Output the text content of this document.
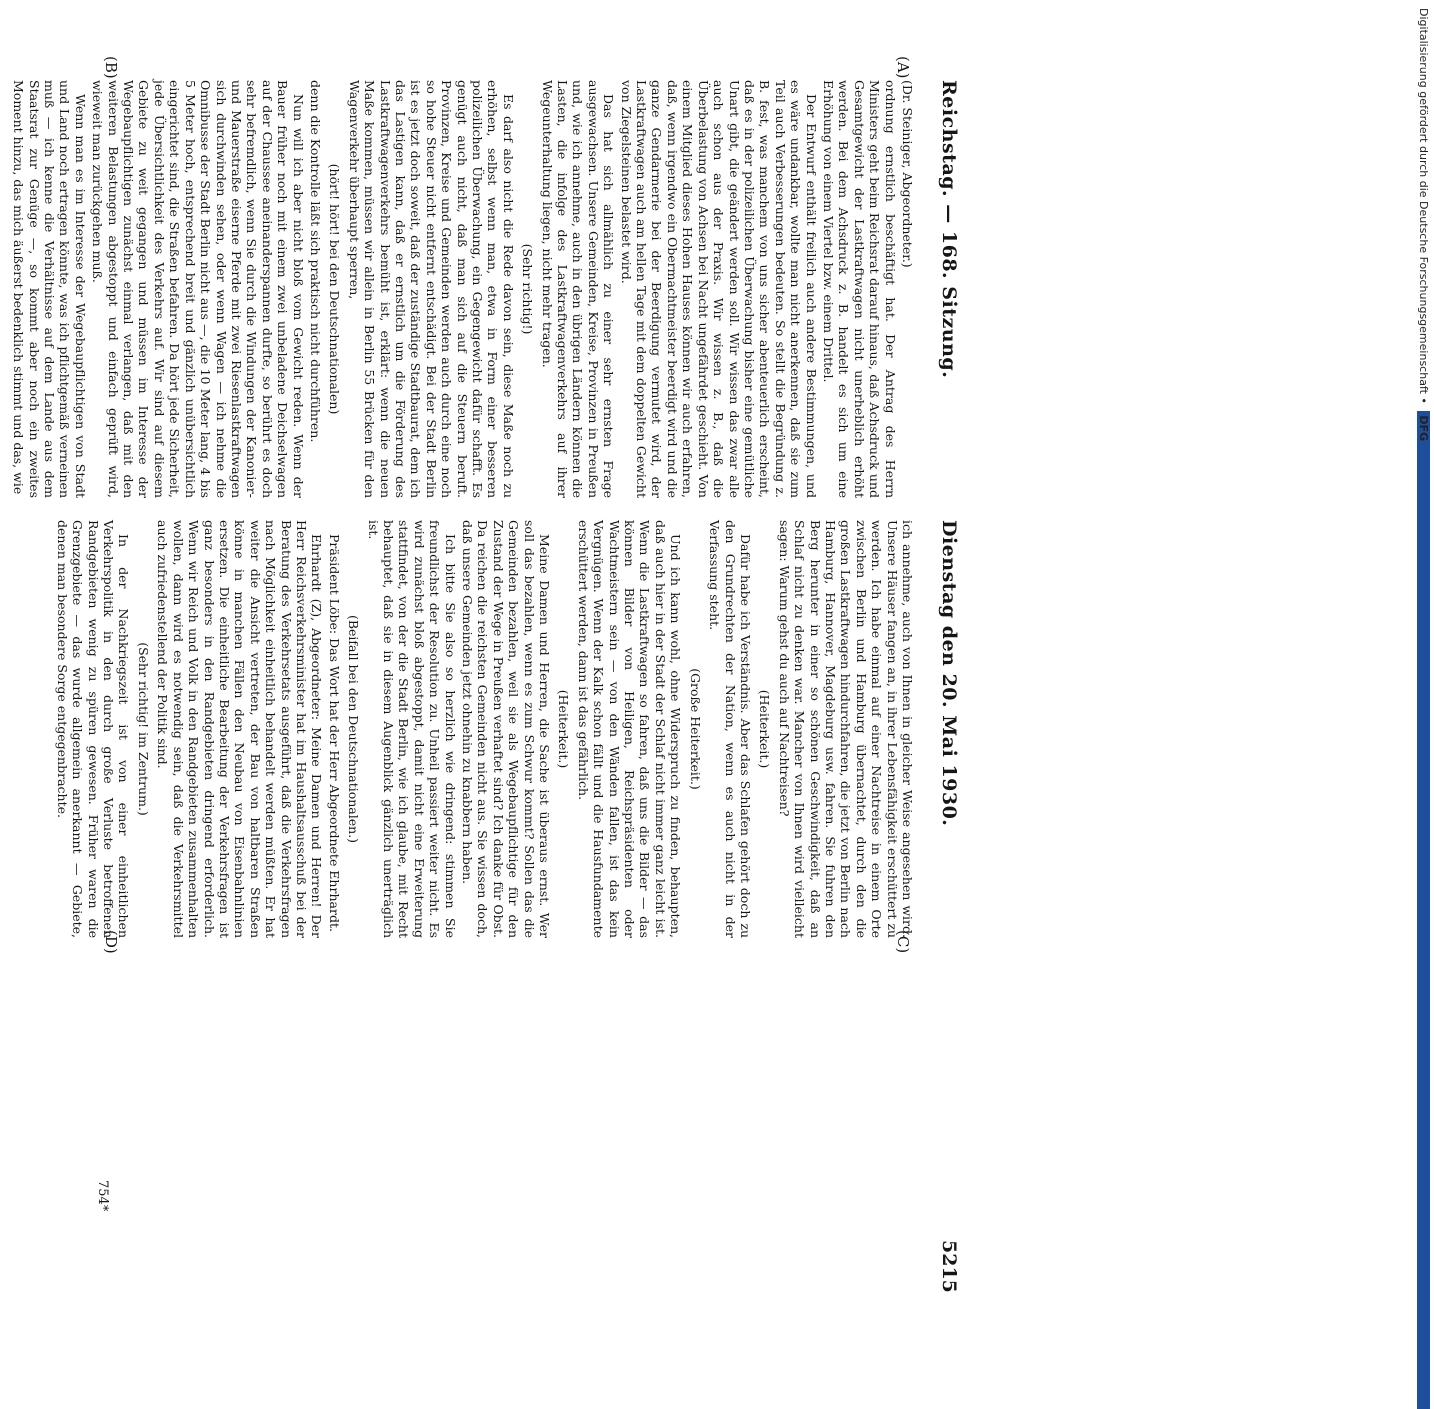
Reichstag. — 168. Sitzung.
Dienstag den 20. Mai 1930.
5215
(A)
(B)
(C)
(D)

(Dr. Steiniger, Abgeordneter.)

ordnung ernstlich beschäftigt hat. Der Antrag des Herrn Ministers geht beim Reichsrat darauf hinaus, daß Achsdruck und Gesamtgewicht der Lastkraftwagen nicht unerheblich erhöht werden. Bei dem Achsdruck z. B. handelt es sich um eine Erhöhung von einem Viertel bzw. einem Drittel.

Der Entwurf enthält freilich auch andere Bestimmungen, und es wäre undankbar, wollte man nicht anerkennen, daß sie zum Teil auch Verbesserungen bedeuten. So stellt die Begründung z. B. fest, was manchem von uns sicher abenteuerlich erscheint, daß es in der polizeilichen Überwachung bisher eine gemütliche Unart gibt, die geändert werden soll. Wir wissen das zwar alle auch schon aus der Praxis. Wir wissen z. B., daß die Überbelastung von Achsen bei Nacht ungefährdet geschieht. Von einem Mitglied dieses Hohen Hauses können wir auch erfahren, daß, wenn irgendwo ein Obermachtmeister beerdigt wird und die ganze Gendarmerie bei der Beerdigung vermutet wird, der Lastkraftwagen auch am hellen Tage mit dem doppelten Gewicht von Ziegelsteinen belastet wird.

Das hat sich allmählich zu einer sehr ernsten Frage ausgewachsen. Unsere Gemeinden, Kreise, Provinzen in Preußen und, wie ich annehme, auch in den übrigen Ländern können die Lasten, die infolge des Lastkraftwagenverkehrs auf ihrer Wegeunterhaltung liegen, nicht mehr tragen.

(Sehr richtig!)

Es darf also nicht die Rede davon sein, diese Maße noch zu erhöhen, selbst wenn man, etwa in Form einer besseren polizeilichen Überwachung, ein Gegengewicht dafür schafft. Es genügt auch nicht, daß man sich auf die Steuern beruft. Provinzen, Kreise und Gemeinden werden auch durch eine noch so hohe Steuer nicht entfernt entschädigt. Bei der Stadt Berlin ist es jetzt doch soweit, daß der zuständige Stadtbaurat, dem ich das Lastigen kann, daß er ernstlich um die Förderung des Lastkraftwagenverkehrs bemüht ist, erklärt: wenn die neuen Maße kommen, müssen wir allein in Berlin 55 Brücken für den Wagenverkehr überhaupt sperren,

(hört! hört! bei den Deutschnationalen)

denn die Kontrolle läßt sich praktisch nicht durchführen.

Nun will ich aber nicht bloß vom Gewicht reden. Wenn der Bauer früher noch mit einem zwei unbeladene Deichselwagen auf der Chaussee aneinanderspannen durfte, so berührt es doch sehr befremdlich, wenn Sie durch die Windungen der Kanonier- und Mauerstraße eiserne Pferde mit zwei Riesenlastkraftwagen sich durchwinden sehen, oder wenn Wagen — ich nehme die Omnibusse der Stadt Berlin nicht aus —, die 10 Meter lang, 4 bis 5 Meter hoch, entsprechend breit und gänzlich unübersichtlich eingerichtet sind, die Straßen befahren. Da hört jede Sicherheit, jede Übersichtlichkeit des Verkehrs auf. Wir sind auf diesem Gebiete zu weit gegangen und müssen im Interesse der Wegebaupflichtigen zunächst einmal verlangen, daß mit den weiteren Belastungen abgestoppt und einfach geprüft wird, wieweit man zurückgehen muß.

Wenn man es im Interesse der Wegebaupflichtigen von Stadt und Land noch ertragen könnte, was ich pflichtgemäß verneinen muß — ich kenne die Verhältnisse auf dem Lande aus dem Staatsrat zur Genüge —, so kommt aber noch ein zweites Moment hinzu, das mich äußerst bedenklich stimmt und das, wie

ich annehme, auch von Ihnen in gleicher Weise angesehen wird. Unsere Häuser fangen an, in ihrer Lebensfähigkeit erschüttert zu werden. Ich habe einmal auf einer Nachtreise in einem Orte zwischen Berlin und Hamburg übernachtet, durch den die großen Lastkraftwagen hindurchfahren, die jetzt von Berlin nach Hamburg, Hannover, Magdeburg usw. fahren. Sie fuhren den Berg herunter in einer so schönen Geschwindigkeit, daß an Schlaf nicht zu denken war. Mancher von Ihnen wird vielleicht sagen: Warum gehst du auch auf Nachtreisen?

(Heiterkeit.)

Dafür habe ich Verständnis. Aber das Schlafen gehört doch zu den Grundrechten der Nation, wenn es auch nicht in der Verfassung steht.

(Große Heiterkeit.)

Und ich kann wohl, ohne Widerspruch zu finden, behaupten, daß auch hier in der Stadt der Schlaf nicht immer ganz leicht ist. Wenn die Lastkraftwagen so fahren, daß uns die Bilder — das können Bilder von Heiligen, Reichspräsidenten oder Wachtmeistern sein — von den Wänden fallen, ist das kein Vergnügen. Wenn der Kalk schon fällt und die Hausfundamente erschüttert werden, dann ist das gefährlich.

(Heiterkeit.)

Meine Damen und Herren, die Sache ist überaus ernst. Wer soll das bezahlen, wenn es zum Schwur kommt? Sollen das die Gemeinden bezahlen, weil sie als Wegebaupflichtige für den Zustand der Wege in Preußen verhaftet sind? Ich danke für Obst. Da reichen die reichsten Gemeinden nicht aus. Sie wissen doch, daß unsere Gemeinden jetzt ohnehin zu knabbern haben.

Ich bitte Sie also so herzlich wie dringend: stimmen Sie freundlichst der Resolution zu. Unheil passiert weiter nicht. Es wird zunächst bloß abgestoppt, damit nicht eine Erweiterung stattfindet, von der die Stadt Berlin, wie ich glaube, mit Recht behauptet, daß sie in diesem Augenblick gänzlich unerträglich ist.

(Beifall bei den Deutschnationalen.)

Präsident Löbe: Das Wort hat der Herr Abgeordnete Ehrhardt.

Ehrhardt (Z), Abgeordneter: Meine Damen und Herren! Der Herr Reichsverkehrsminister hat im Haushaltsausschuß bei der Beratung des Verkehrsetats ausgeführt, daß die Verkehrsfragen nach Möglichkeit einheitlich behandelt werden müßten. Er hat weiter die Ansicht vertreten, der Bau von haltbaren Straßen könne in manchen Fällen den Neubau von Eisenbahnlinien ersetzen. Die einheitliche Bearbeitung der Verkehrsfragen ist ganz besonders in den Randgebieten dringend erforderlich. Wenn wir Reich und Volk in den Randgebieten zusammenhalten wollen, dann wird es notwendig sein, daß die Verkehrsmittel auch zufriedenstellend der Politik sind.

(Sehr richtig! im Zentrum.)

In der Nachkriegszeit ist von einer einheitlichen Verkehrspolitik in den durch große Verluste betroffenen Randgebieten wenig zu spüren gewesen. Früher waren die Grenzgebiete — das wurde allgemein anerkannt — Gebiete, denen man besondere Sorge entgegenbrachte.

754*
Digitalisierung gefördert durch die Deutsche Forschungsgemeinschaft • DFG
